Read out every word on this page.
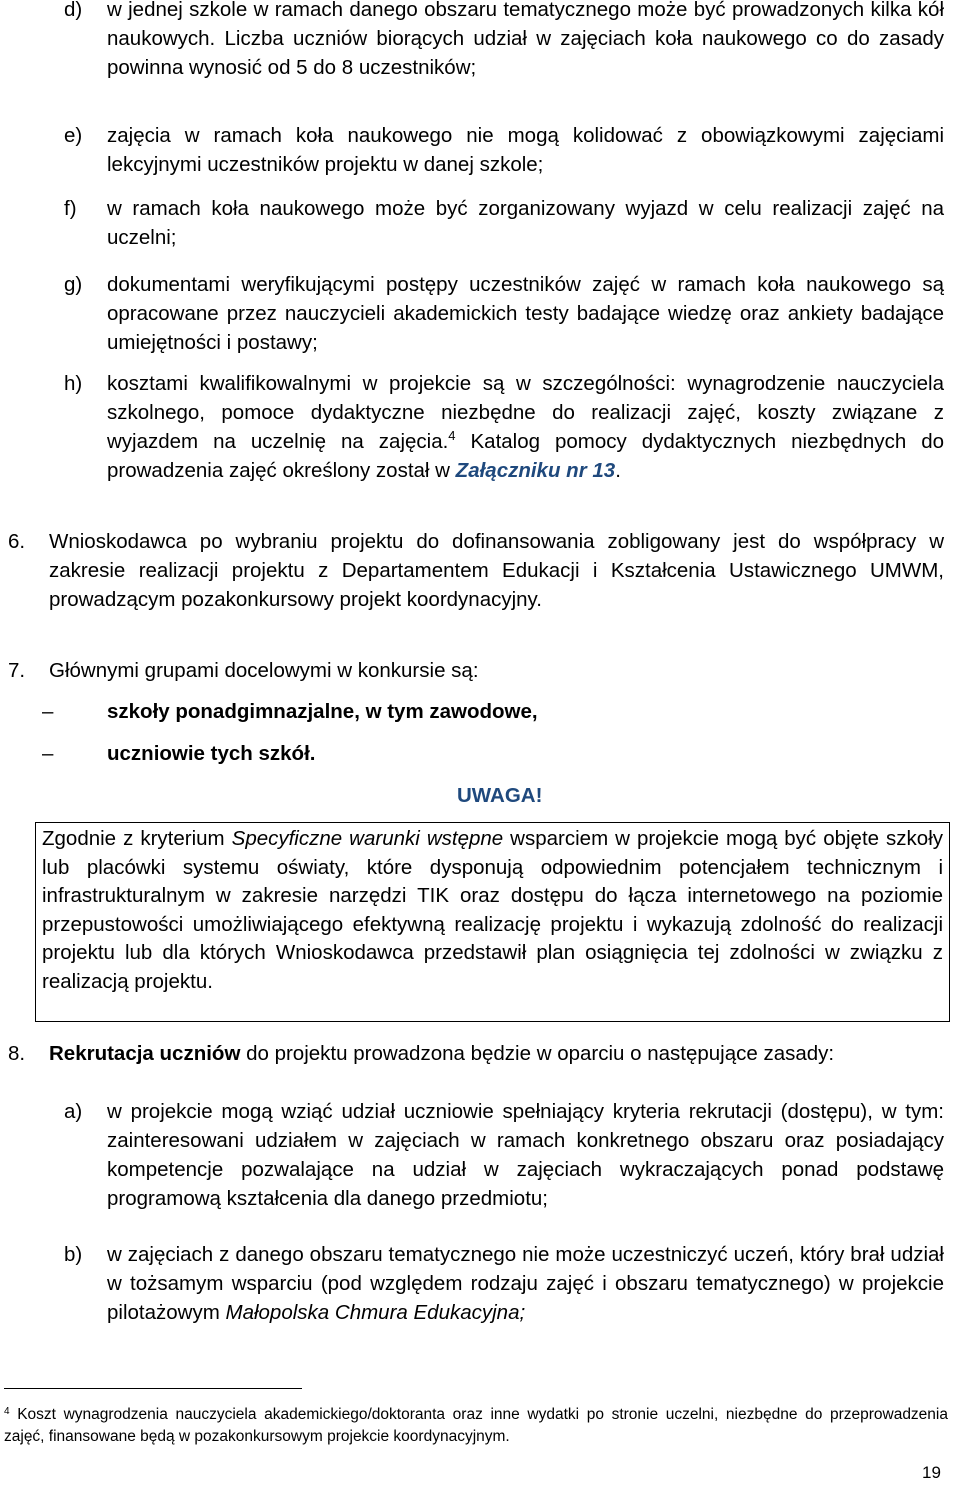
d) w jednej szkole w ramach danego obszaru tematycznego może być prowadzonych kilka kół naukowych. Liczba uczniów biorących udział w zajęciach koła naukowego co do zasady powinna wynosić od 5 do 8 uczestników;

e) zajęcia w ramach koła naukowego nie mogą kolidować z obowiązkowymi zajęciami lekcyjnymi uczestników projektu w danej szkole;

f) w ramach koła naukowego może być zorganizowany wyjazd w celu realizacji zajęć na uczelni;

g) dokumentami weryfikującymi postępy uczestników zajęć w ramach koła naukowego są opracowane przez nauczycieli akademickich testy badające wiedzę oraz ankiety badające umiejętności i postawy;

h) kosztami kwalifikowalnymi w projekcie są w szczególności: wynagrodzenie nauczyciela szkolnego, pomoce dydaktyczne niezbędne do realizacji zajęć, koszty związane z wyjazdem na uczelnię na zajęcia.$^4$ Katalog pomocy dydaktycznych niezbędnych do prowadzenia zajęć określony został w Załączniku nr 13.

6. Wnioskodawca po wybraniu projektu do dofinansowania zobligowany jest do współpracy w zakresie realizacji projektu z Departamentem Edukacji i Kształcenia Ustawicznego UMWM, prowadzącym pozakonkursowy projekt koordynacyjny.

7. Głównymi grupami docelowymi w konkursie są:

–	szkoły ponadgimnazjalne, w tym zawodowe,
–	uczniowie tych szkół.
UWAGA!

Zgodnie z kryterium Specyficzne warunki wstępne wsparciem w projekcie mogą być objęte szkoły lub placówki systemu oświaty, które dysponują odpowiednim potencjałem technicznym i infrastrukturalnym w zakresie narzędzi TIK oraz dostępu do łącza internetowego na poziomie przepustowości umożliwiającego efektywną realizację projektu i wykazują zdolność do realizacji projektu lub dla których Wnioskodawca przedstawił plan osiągnięcia tej zdolności w związku z realizacją projektu.

8. Rekrutacja uczniów do projektu prowadzona będzie w oparciu o następujące zasady:

a) w projekcie mogą wziąć udział uczniowie spełniający kryteria rekrutacji (dostępu), w tym: zainteresowani udziałem w zajęciach w ramach konkretnego obszaru oraz posiadający kompetencje pozwalające na udział w zajęciach wykraczających ponad podstawę programową kształcenia dla danego przedmiotu;

b) w zajęciach z danego obszaru tematycznego nie może uczestniczyć uczeń, który brał udział w tożsamym wsparciu (pod względem rodzaju zajęć i obszaru tematycznego) w projekcie pilotażowym Małopolska Chmura Edukacyjna;

$^4$ Koszt wynagrodzenia nauczyciela akademickiego/doktoranta oraz inne wydatki po stronie uczelni, niezbędne do przeprowadzenia zajęć, finansowane będą w pozakonkursowym projekcie koordynacyjnym.
19
